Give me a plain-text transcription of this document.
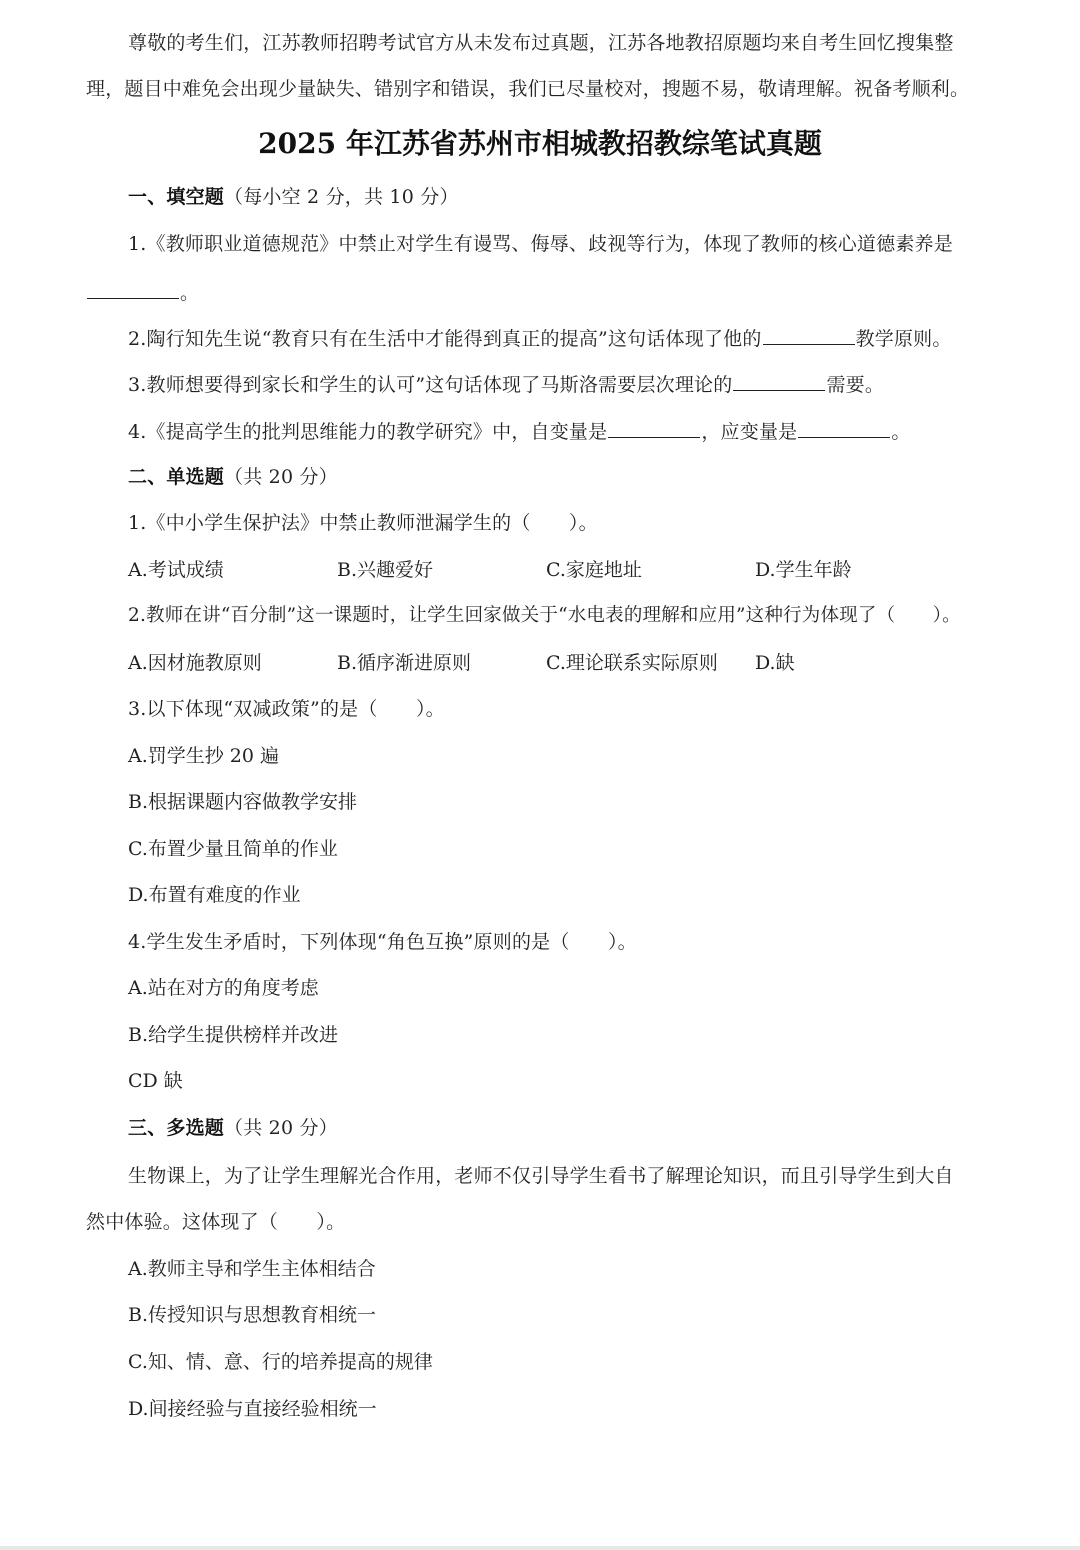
尊敬的考生们，江苏教师招聘考试官方从未发布过真题，江苏各地教招原题均来自考生回忆搜集整
理，题目中难免会出现少量缺失、错别字和错误，我们已尽量校对，搜题不易，敬请理解。祝备考顺利。
2025 年江苏省苏州市相城教招教综笔试真题
一、填空题（每小空 2 分，共 10 分）
1.《教师职业道德规范》中禁止对学生有谩骂、侮辱、歧视等行为，体现了教师的核心道德素养是
。
2.陶行知先生说“教育只有在生活中才能得到真正的提高”这句话体现了他的	教学原则。
3.教师想要得到家长和学生的认可”这句话体现了马斯洛需要层次理论的	需要。
4.《提高学生的批判思维能力的教学研究》中，自变量是	，应变量是	。
二、单选题（共 20 分）
1.《中小学生保护法》中禁止教师泄漏学生的（　　）。
A.考试成绩	B.兴趣爱好	C.家庭地址	D.学生年龄
2.教师在讲“百分制”这一课题时，让学生回家做关于“水电表的理解和应用”这种行为体现了（　　）。
A.因材施教原则	B.循序渐进原则	C.理论联系实际原则 D.缺
3.以下体现“双减政策”的是（　　）。
A.罚学生抄 20 遍
B.根据课题内容做教学安排
C.布置少量且简单的作业
D.布置有难度的作业
4.学生发生矛盾时，下列体现“角色互换”原则的是（　　）。
A.站在对方的角度考虑
B.给学生提供榜样并改进
CD 缺
三、多选题（共 20 分）
生物课上，为了让学生理解光合作用，老师不仅引导学生看书了解理论知识，而且引导学生到大自
然中体验。这体现了（　　）。
A.教师主导和学生主体相结合
B.传授知识与思想教育相统一
C.知、情、意、行的培养提高的规律
D.间接经验与直接经验相统一
